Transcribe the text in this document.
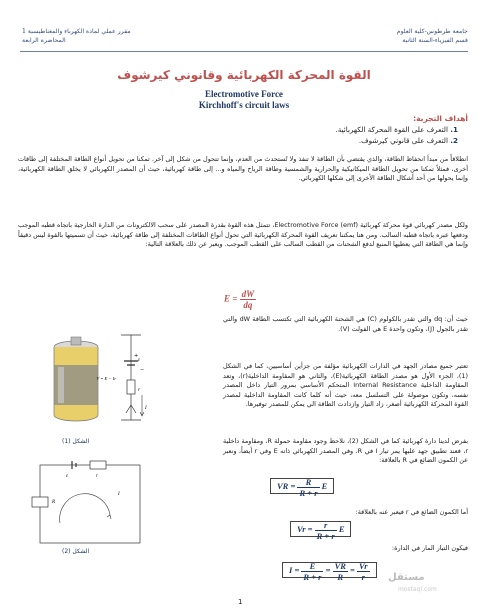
جامعة طرطوس-كلية العلوم
قسم الفيزياء-السنة الثانية
مقرر عملي لمادة الكهرباء والمغناطيسية 1
المحاضرة الرابعة
القوة المحركة الكهربائية وقانوني كيرشوف
Electromotive Force
Kirchhoff's circuit laws
أهداف التجربة:
1. التعرف على القوة المحركة الكهربائية.
2. التعرف على قانوني كيرشوف.
انطلاقاً من مبدأ انحفاظ الطاقة، والذي يقتضي بأن الطاقة لا تنفذ ولا تُستحدث من العدم، وإنما تتحول من شكل إلى آخر. تمكنا من تحويل أنواع الطاقة المختلفة إلى طاقات أخرى، فمثلاً تمكنا من تحويل الطاقة الميكانيكية والحرارية والشمسية وطاقة الرياح والمياه و... إلى طاقة كهربائية، حيث أن المصدر الكهربائي لا يخلق الطاقة الكهربائية، وإنما يحولها من أحد أشكال الطاقة الأخرى إلى شكلها الكهربائي.
ولكل مصدر كهربائي قوة محركة كهربائية (emf) Electromotive Force، تتمثل هذه القوة بقدرة المصدر على سحب الالكترونات من الدارة الخارجية باتجاه قطبه الموجب ودفعها عبره باتجاه قطبه السالب. ومن هنا يمكننا تعريف القوة المحركة الكهربائية التي تحول أنواع الطاقات المختلفة إلى طاقة كهربائية، حيث أن تسميتها بالقوة ليس دقيقاً وإنما هي الطاقة التي يعطيها المنبع لدفع الشحنات من القطب السالب على القطب الموجب. ويعبر عن ذلك بالعلاقة التالية:
$E = \frac{dW}{dq}$
حيث أن: dq والتي تقدر بالكولوم (C) هي الشحنة الكهربائية التي تكتسب الطاقة dW والتي تقدر بالجول (J)، وتكون واحدة E هي الفولت (V).
تعتبر جميع مصادر الجهد في الدارات الكهربائية مؤلفة من جزأين أساسيين، كما في الشكل (1)، الجزء الأول هو مصدر الطاقة الكهربائية(E)، والثاني هو المقاومة الداخلية(r)، وتعد المقاومة الداخلية Internal Resistance المتحكم الأساسي بمرور التيار داخل المصدر نفسه، وتكون موصولة على التسلسل معه، حيث أنه كلما كانت المقاومة الداخلية لمصدر القوة المحركة الكهربائية أصغر، زاد التيار وازدادت الطاقة الي يمكن للمصدر توفيرها.
بفرض لدينا دارة كهربائية كما في الشكل (2)، نلاحظ وجود مقاومة حمولة R، ومقاومة داخلية r، فعند تطبيق جهد عليها يمر تيار I في R، وفي المصدر الكهربائي ذاته E وفي r أيضاً، ونعبر عن الكمون الضائع في R بالعلاقة:
+
ε
r
−
V = E − Ir
I
الشكل (1)
ε	r
R
I
الشكل (2)
VR = $\frac{R}{R + r}$ E
أما الكمون الضائع في r فيعبر عنه بالعلاقة:
$Vr = \frac{r}{R + r}$ E
فيكون التيار المار في الدارة:
$I = \frac{E}{R + r} = \frac{VR}{R} = \frac{Vr}{r}$ مستقل
mostaql.com
1
